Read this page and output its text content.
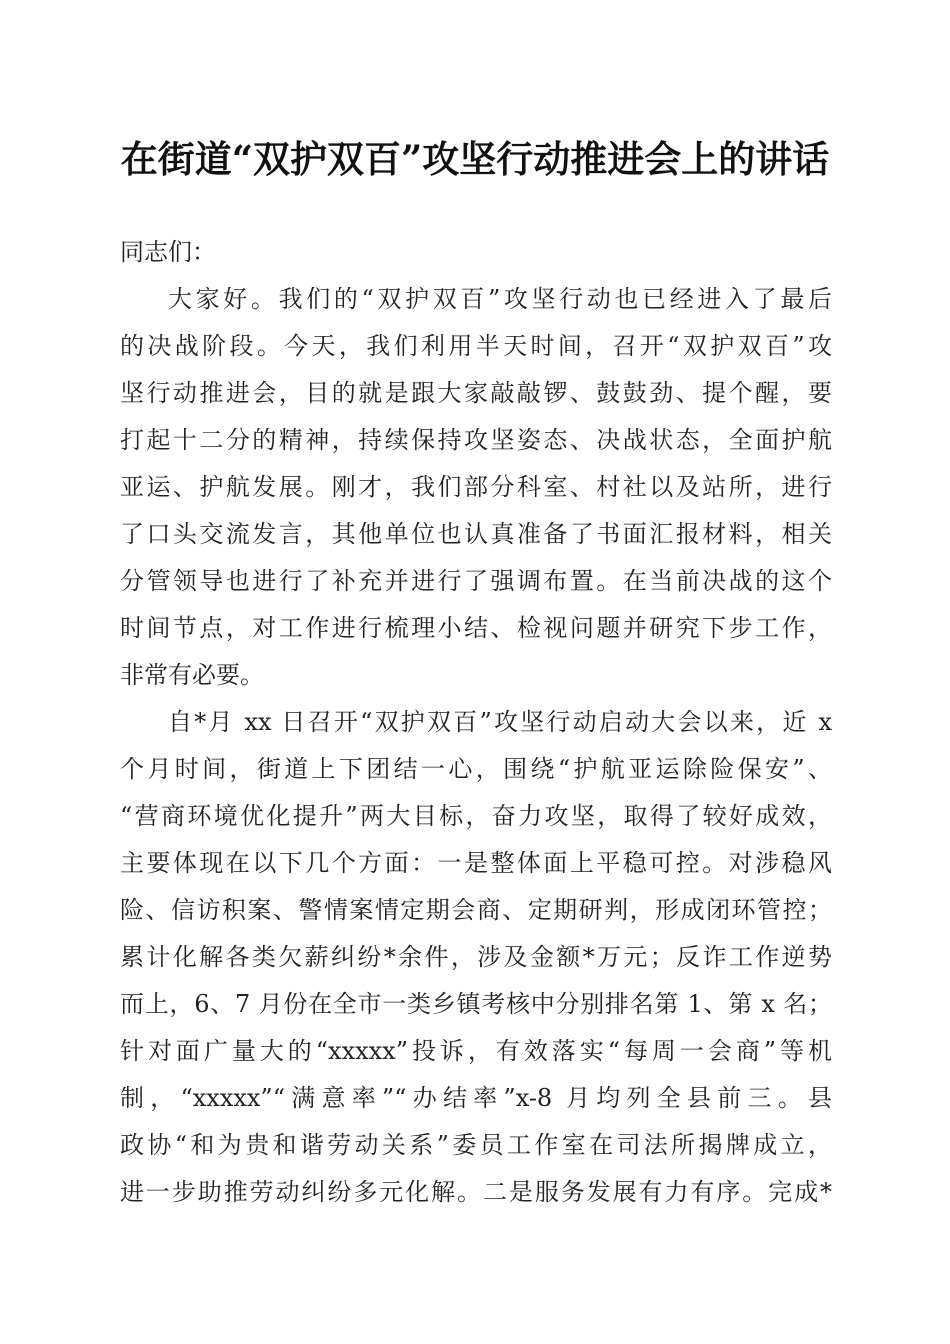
在街道“双护双百”攻坚行动推进会上的讲话
同志们：
大家好。我们的“双护双百”攻坚行动也已经进入了最后
的决战阶段。今天，我们利用半天时间，召开“双护双百”攻
坚行动推进会，目的就是跟大家敲敲锣、鼓鼓劲、提个醒，要
打起十二分的精神，持续保持攻坚姿态、决战状态，全面护航
亚运、护航发展。刚才，我们部分科室、村社以及站所，进行
了口头交流发言，其他单位也认真准备了书面汇报材料，相关
分管领导也进行了补充并进行了强调布置。在当前决战的这个
时间节点，对工作进行梳理小结、检视问题并研究下步工作，
非常有必要。
自*月 xx 日召开“双护双百”攻坚行动启动大会以来，近 x
个月时间，街道上下团结一心，围绕“护航亚运除险保安”、
“营商环境优化提升”两大目标，奋力攻坚，取得了较好成效，
主要体现在以下几个方面：一是整体面上平稳可控。对涉稳风
险、信访积案、警情案情定期会商、定期研判，形成闭环管控；
累计化解各类欠薪纠纷*余件，涉及金额*万元；反诈工作逆势
而上，6、7 月份在全市一类乡镇考核中分别排名第 1、第 x 名；
针对面广量大的“xxxxx”投诉，有效落实“每周一会商”等机
制，“xxxxx”“满意率”“办结率”x-8 月均列全县前三。县
政协“和为贵和谐劳动关系”委员工作室在司法所揭牌成立，
进一步助推劳动纠纷多元化解。二是服务发展有力有序。完成*
